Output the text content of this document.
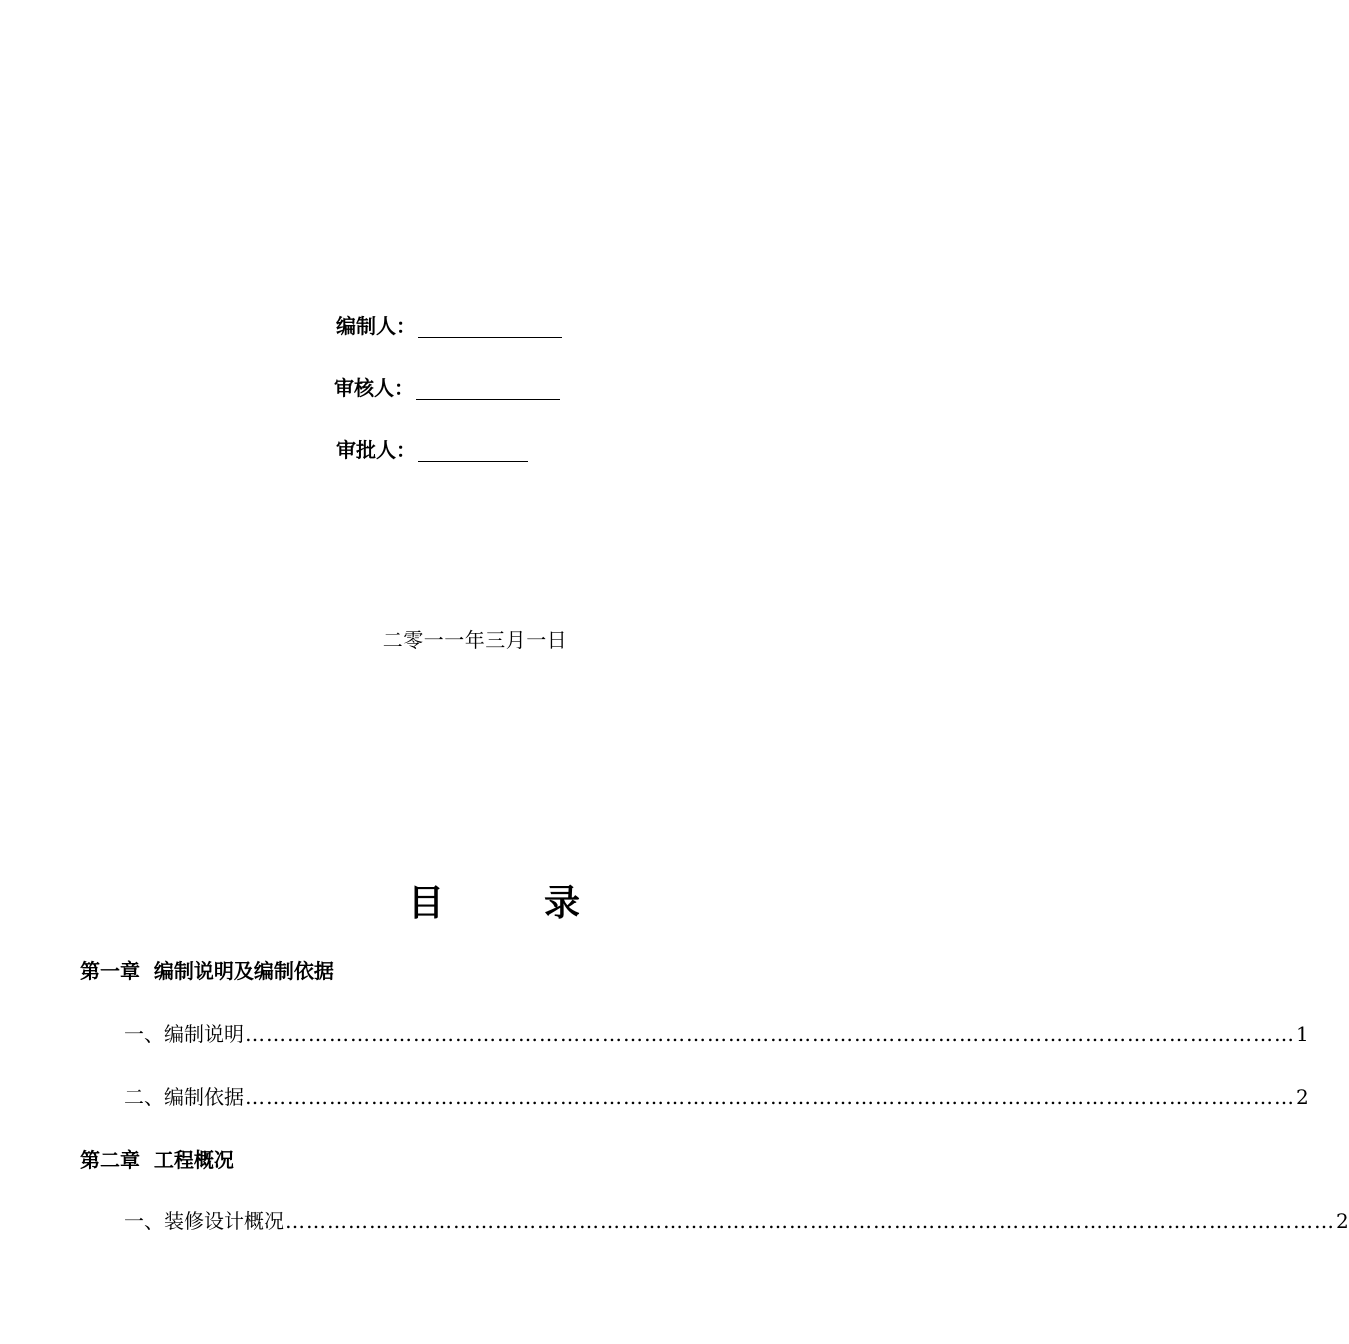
编制人：
审核人：
审批人：
二零一一年三月一日
目	录
第一章  编制说明及编制依据
一、编制说明 …………………………………………………………………………………………………………………………………… 1
二、编制依据 …………………………………………………………………………………………………………………………………… 2
第二章  工程概况
一、装修设计概况 …………………………………………………………………………………………………………………………………… 2
